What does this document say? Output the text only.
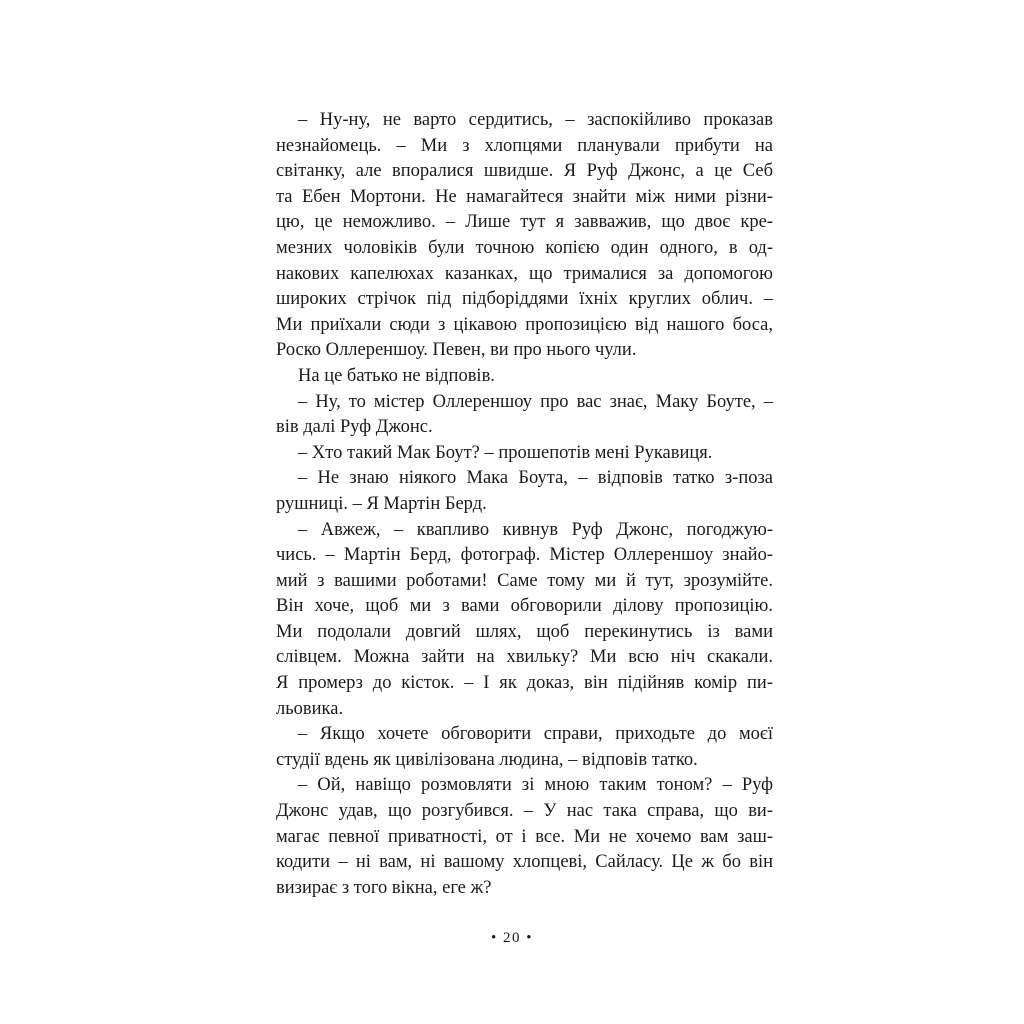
– Ну-ну, не варто сердитись, – заспокійливо проказав
незнайомець. – Ми з хлопцями планували прибути на
світанку, але впоралися швидше. Я Руф Джонс, а це Себ
та Ебен Мортони. Не намагайтеся знайти між ними різни-
цю, це неможливо. – Лише тут я завважив, що двоє кре-
мезних чоловіків були точною копією один одного, в од-
накових капелюхах казанках, що трималися за допомогою
широких стрічок під підборіддями їхніх круглих облич. –
Ми приїхали сюди з цікавою пропозицією від нашого боса,
Роско Оллереншоу. Певен, ви про нього чули.
На це батько не відповів.
– Ну, то містер Оллереншоу про вас знає, Маку Боуте, –
вів далі Руф Джонс.
– Хто такий Мак Боут? – прошепотів мені Рукавиця.
– Не знаю ніякого Мака Боута, – відповів татко з-поза
рушниці. – Я Мартін Берд.
– Авжеж, – квапливо кивнув Руф Джонс, погоджую-
чись. – Мартін Берд, фотограф. Містер Оллереншоу знайо-
мий з вашими роботами! Саме тому ми й тут, зрозумійте.
Він хоче, щоб ми з вами обговорили ділову пропозицію.
Ми подолали довгий шлях, щоб перекинутись із вами
слівцем. Можна зайти на хвильку? Ми всю ніч скакали.
Я промерз до кісток. – І як доказ, він підійняв комір пи-
льовика.
– Якщо хочете обговорити справи, приходьте до моєї
студії вдень як цивілізована людина, – відповів татко.
– Ой, навіщо розмовляти зі мною таким тоном? – Руф
Джонс удав, що розгубився. – У нас така справа, що ви-
магає певної приватності, от і все. Ми не хочемо вам заш-
кодити – ні вам, ні вашому хлопцеві, Сайласу. Це ж бо він
визирає з того вікна, еге ж?
• 20 •
